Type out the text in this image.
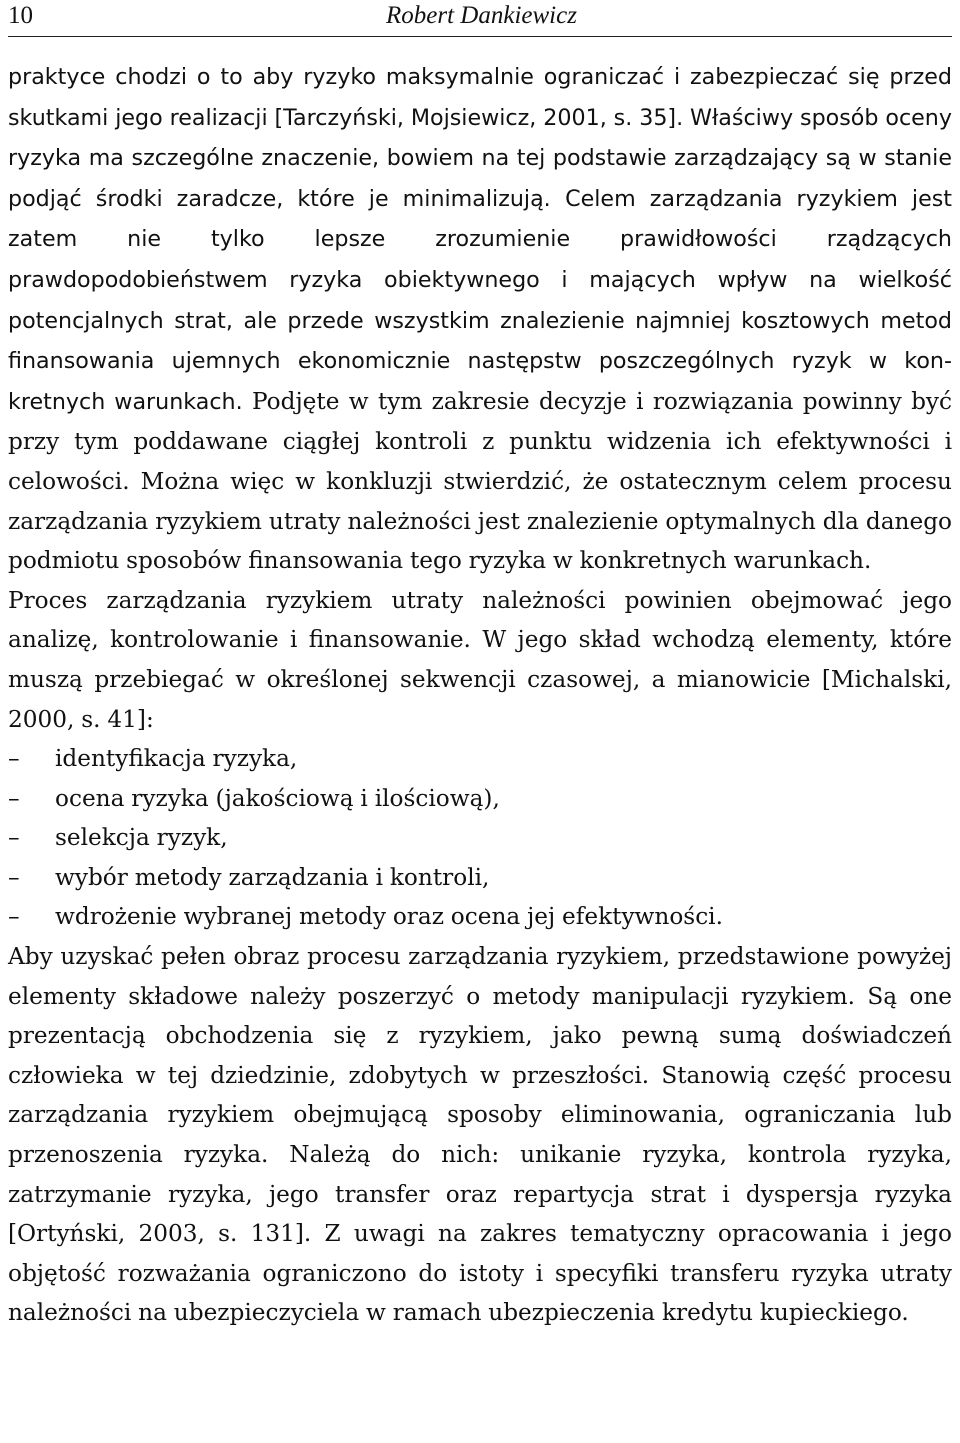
10	Robert Dankiewicz

praktyce chodzi o to aby ryzyko maksymalnie ograniczać i zabezpieczać się przed skutkami jego realizacji [Tarczyński, Mojsiewicz, 2001, s. 35]. Właściwy sposób oceny ryzyka ma szczególne znaczenie, bowiem na tej podstawie zarządzający są w stanie podjąć środki zaradcze, które je minimalizują. Celem zarządzania ryzykiem jest zatem nie tylko lepsze zrozumienie prawidłowości rządzących prawdopodobieństwem ryzyka obiektywnego i mających wpływ na wielkość potencjalnych strat, ale przede wszystkim znalezienie najmniej kosztowych metod finansowania ujemnych ekonomicznie następstw poszczególnych ryzyk w konkretnych warunkach. Podjęte w tym zakresie decyzje i rozwiązania powinny być przy tym poddawane ciągłej kontroli z punktu widzenia ich efektywności i celowości. Można więc w konkluzji stwierdzić, że ostatecznym celem procesu zarządzania ryzykiem utraty należności jest znalezienie optymalnych dla danego podmiotu sposobów finansowania tego ryzyka w konkretnych warunkach.

Proces zarządzania ryzykiem utraty należności powinien obejmować jego analizę, kontrolowanie i finansowanie. W jego skład wchodzą elementy, które muszą przebiegać w określonej sekwencji czasowej, a mianowicie [Michalski, 2000, s. 41]:

– identyfikacja ryzyka,
– ocena ryzyka (jakościową i ilościową),
– selekcja ryzyk,
– wybór metody zarządzania i kontroli,
– wdrożenie wybranej metody oraz ocena jej efektywności.

Aby uzyskać pełen obraz procesu zarządzania ryzykiem, przedstawione powyżej elementy składowe należy poszerzyć o metody manipulacji ryzykiem. Są one prezentacją obchodzenia się z ryzykiem, jako pewną sumą doświadczeń człowieka w tej dziedzinie, zdobytych w przeszłości. Stanowią część procesu zarządzania ryzykiem obejmującą sposoby eliminowania, ograniczania lub przenoszenia ryzyka. Należą do nich: unikanie ryzyka, kontrola ryzyka, zatrzymanie ryzyka, jego transfer oraz repartycja strat i dyspersja ryzyka [Ortyński, 2003, s. 131]. Z uwagi na zakres tematyczny opracowania i jego objętość rozważania ograniczono do istoty i specyfiki transferu ryzyka utraty należności na ubezpieczyciela w ramach ubezpieczenia kredytu kupieckiego.
